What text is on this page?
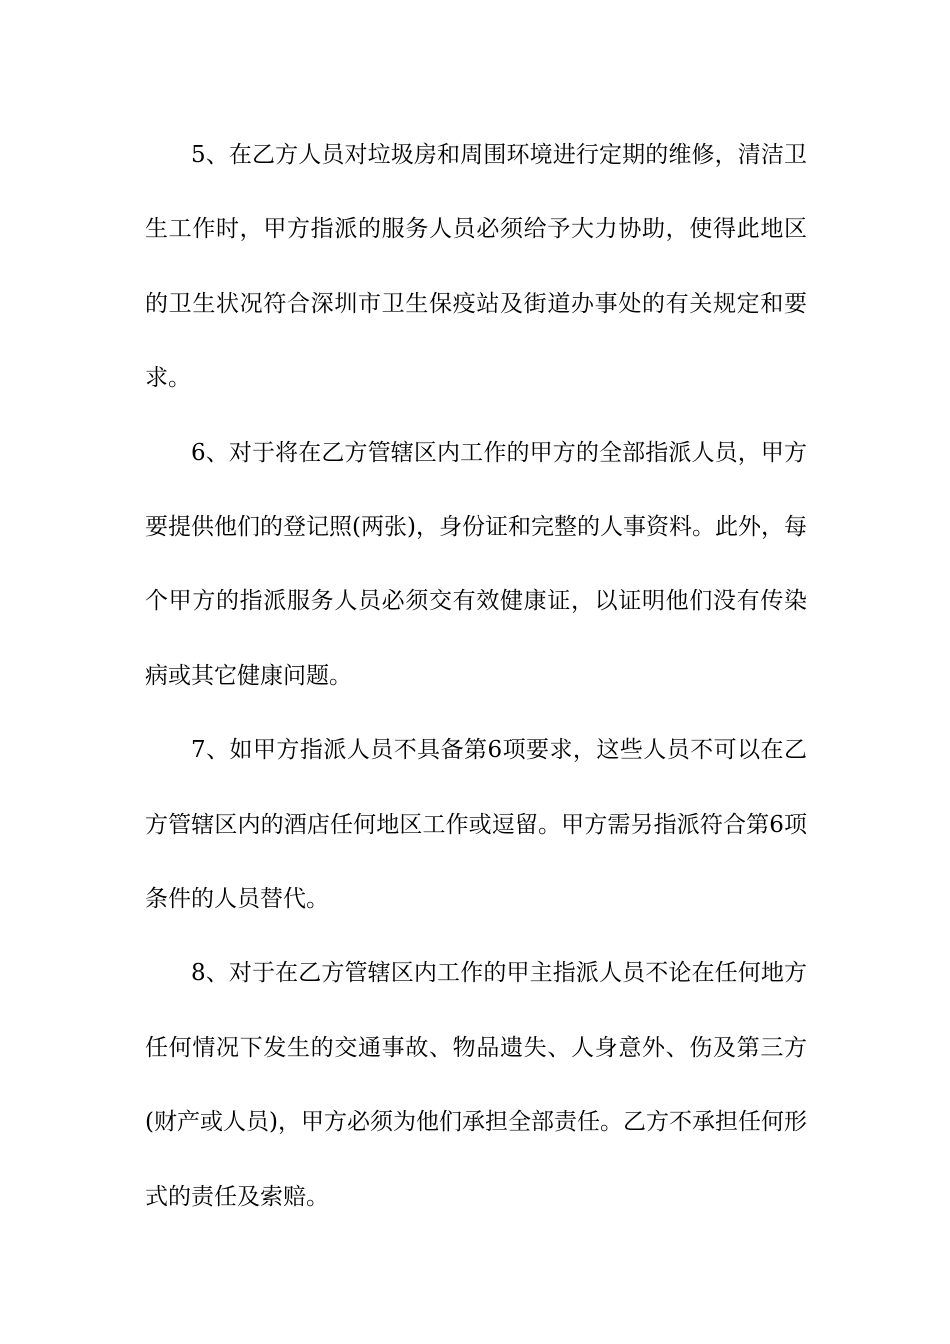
5、在乙方人员对垃圾房和周围环境进行定期的维修，清洁卫生工作时，甲方指派的服务人员必须给予大力协助，使得此地区的卫生状况符合深圳市卫生保疫站及街道办事处的有关规定和要求。

6、对于将在乙方管辖区内工作的甲方的全部指派人员，甲方要提供他们的登记照(两张)，身份证和完整的人事资料。此外，每个甲方的指派服务人员必须交有效健康证，以证明他们没有传染病或其它健康问题。

7、如甲方指派人员不具备第6项要求，这些人员不可以在乙方管辖区内的酒店任何地区工作或逗留。甲方需另指派符合第6项条件的人员替代。

8、对于在乙方管辖区内工作的甲主指派人员不论在任何地方任何情况下发生的交通事故、物品遗失、人身意外、伤及第三方(财产或人员)，甲方必须为他们承担全部责任。乙方不承担任何形式的责任及索赔。
